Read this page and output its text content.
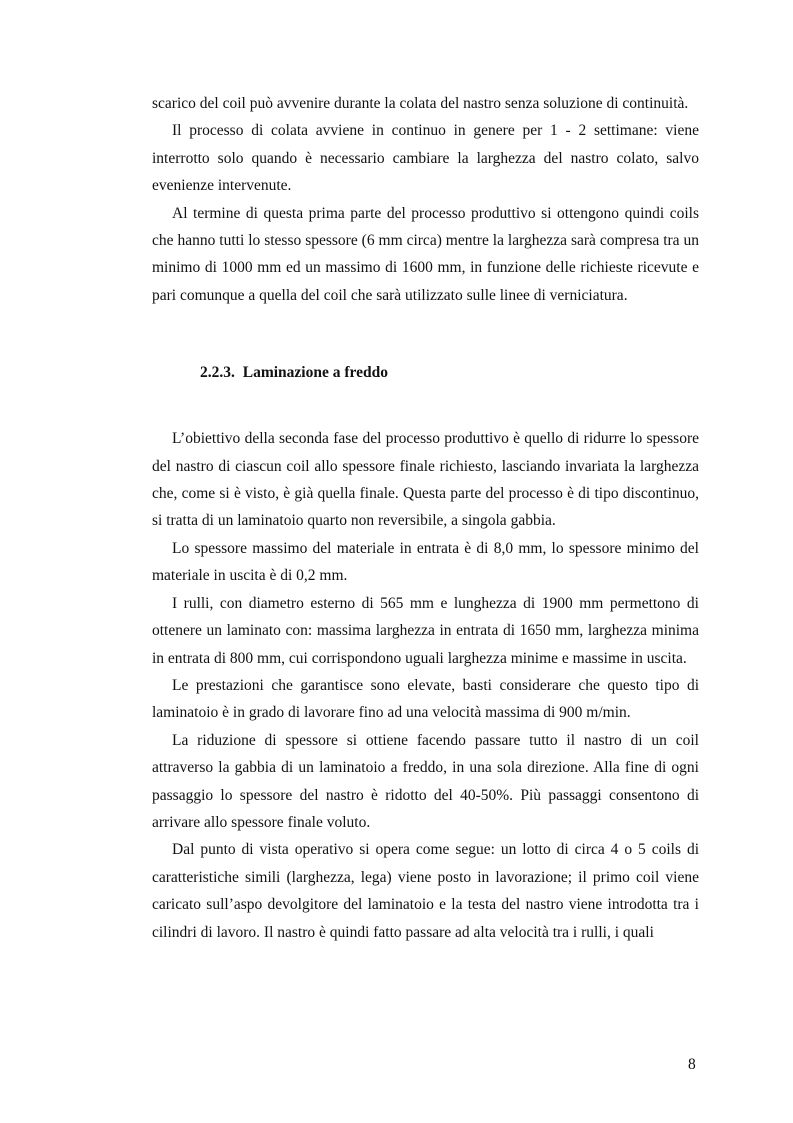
scarico del coil può avvenire durante la colata del nastro senza soluzione di continuità.

Il processo di colata avviene in continuo in genere per 1 - 2 settimane: viene interrotto solo quando è necessario cambiare la larghezza del nastro colato, salvo evenienze intervenute.

Al termine di questa prima parte del processo produttivo si ottengono quindi coils che hanno tutti lo stesso spessore (6 mm circa) mentre la larghezza sarà compresa tra un minimo di 1000 mm ed un massimo di 1600 mm, in funzione delle richieste ricevute e pari comunque a quella del coil che sarà utilizzato sulle linee di verniciatura.

2.2.3. Laminazione a freddo

L’obiettivo della seconda fase del processo produttivo è quello di ridurre lo spessore del nastro di ciascun coil allo spessore finale richiesto, lasciando invariata la larghezza che, come si è visto, è già quella finale. Questa parte del processo è di tipo discontinuo, si tratta di un laminatoio quarto non reversibile, a singola gabbia.

Lo spessore massimo del materiale in entrata è di 8,0 mm, lo spessore minimo del materiale in uscita è di 0,2 mm.

I rulli, con diametro esterno di 565 mm e lunghezza di 1900 mm permettono di ottenere un laminato con: massima larghezza in entrata di 1650 mm, larghezza minima in entrata di 800 mm, cui corrispondono uguali larghezza minime e massime in uscita.

Le prestazioni che garantisce sono elevate, basti considerare che questo tipo di laminatoio è in grado di lavorare fino ad una velocità massima di 900 m/min.

La riduzione di spessore si ottiene facendo passare tutto il nastro di un coil attraverso la gabbia di un laminatoio a freddo, in una sola direzione. Alla fine di ogni passaggio lo spessore del nastro è ridotto del 40-50%. Più passaggi consentono di arrivare allo spessore finale voluto.

Dal punto di vista operativo si opera come segue: un lotto di circa 4 o 5 coils di caratteristiche simili (larghezza, lega) viene posto in lavorazione; il primo coil viene caricato sull’aspo devolgitore del laminatoio e la testa del nastro viene introdotta tra i cilindri di lavoro. Il nastro è quindi fatto passare ad alta velocità tra i rulli, i quali

8
